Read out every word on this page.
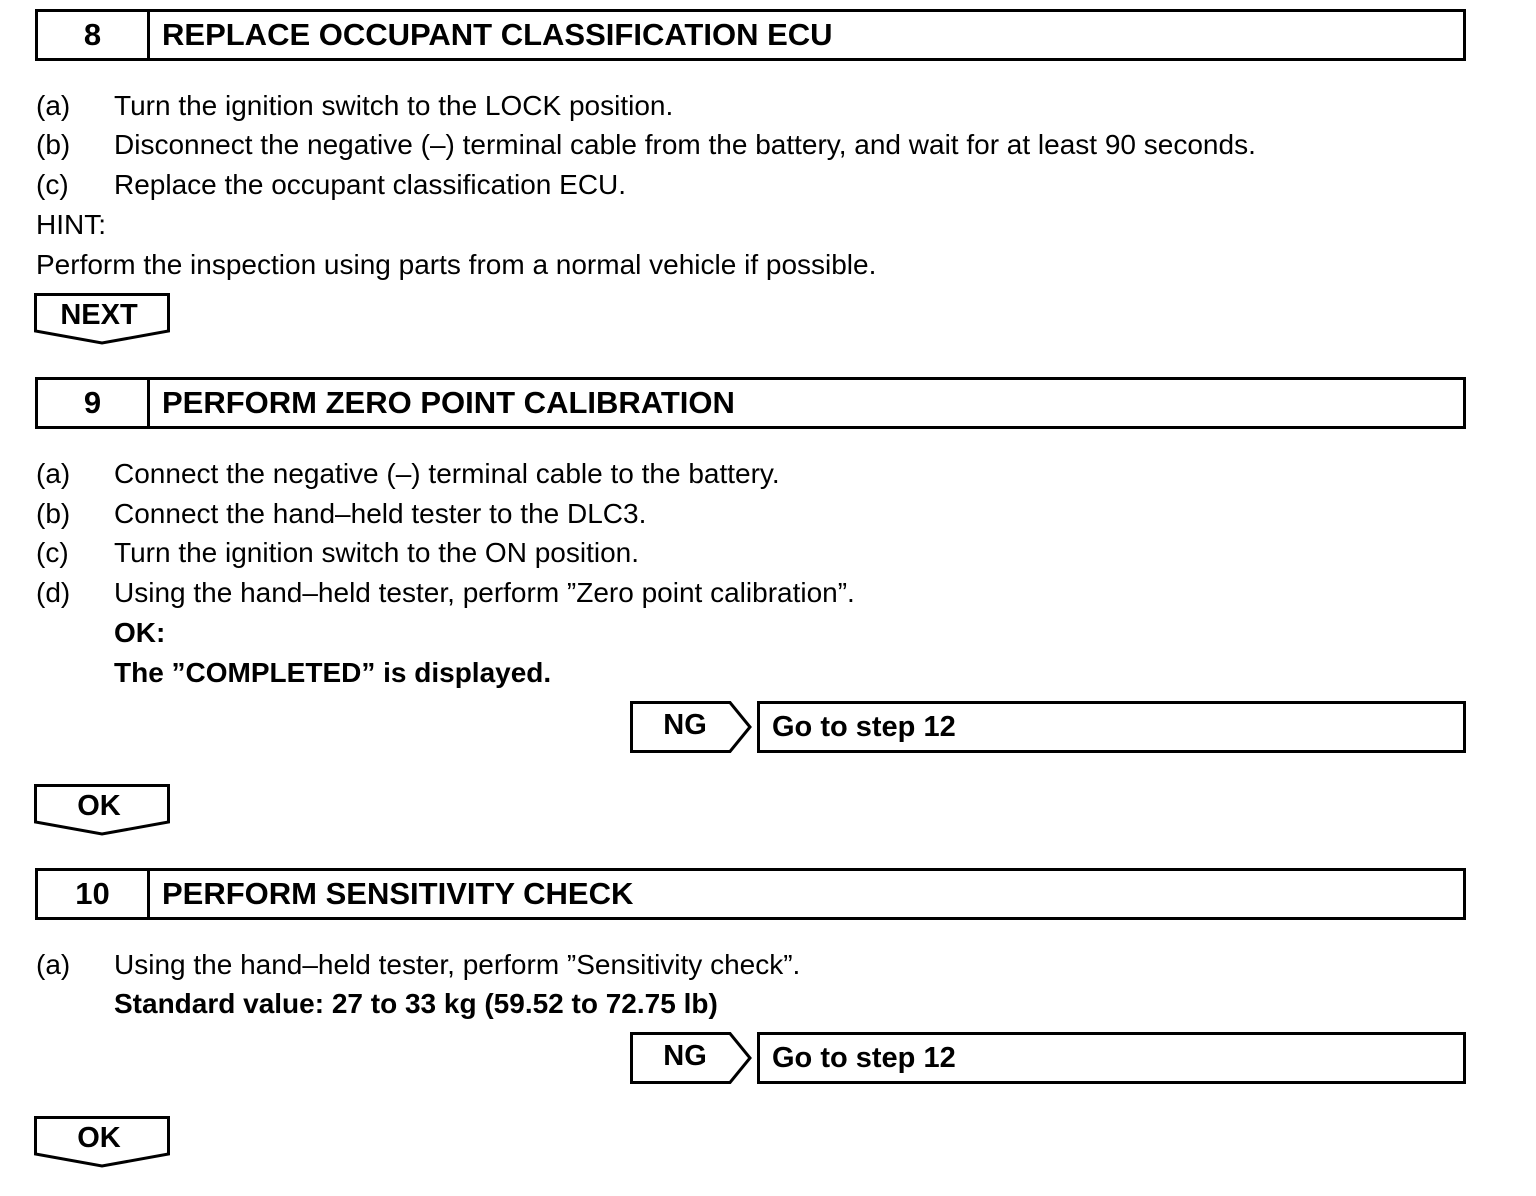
8	REPLACE OCCUPANT CLASSIFICATION ECU
(a) Turn the ignition switch to the LOCK position.
(b) Disconnect the negative (–) terminal cable from the battery, and wait for at least 90 seconds.
(c) Replace the occupant classification ECU.
HINT:
Perform the inspection using parts from a normal vehicle if possible.
NEXT
9	PERFORM ZERO POINT CALIBRATION
(a) Connect the negative (–) terminal cable to the battery.
(b) Connect the hand–held tester to the DLC3.
(c) Turn the ignition switch to the ON position.
(d) Using the hand–held tester, perform ”Zero point calibration”.
OK:
The ”COMPLETED” is displayed.
NG	Go to step 12
OK
10	PERFORM SENSITIVITY CHECK
(a) Using the hand–held tester, perform ”Sensitivity check”.
Standard value: 27 to 33 kg (59.52 to 72.75 lb)
NG	Go to step 12
OK
